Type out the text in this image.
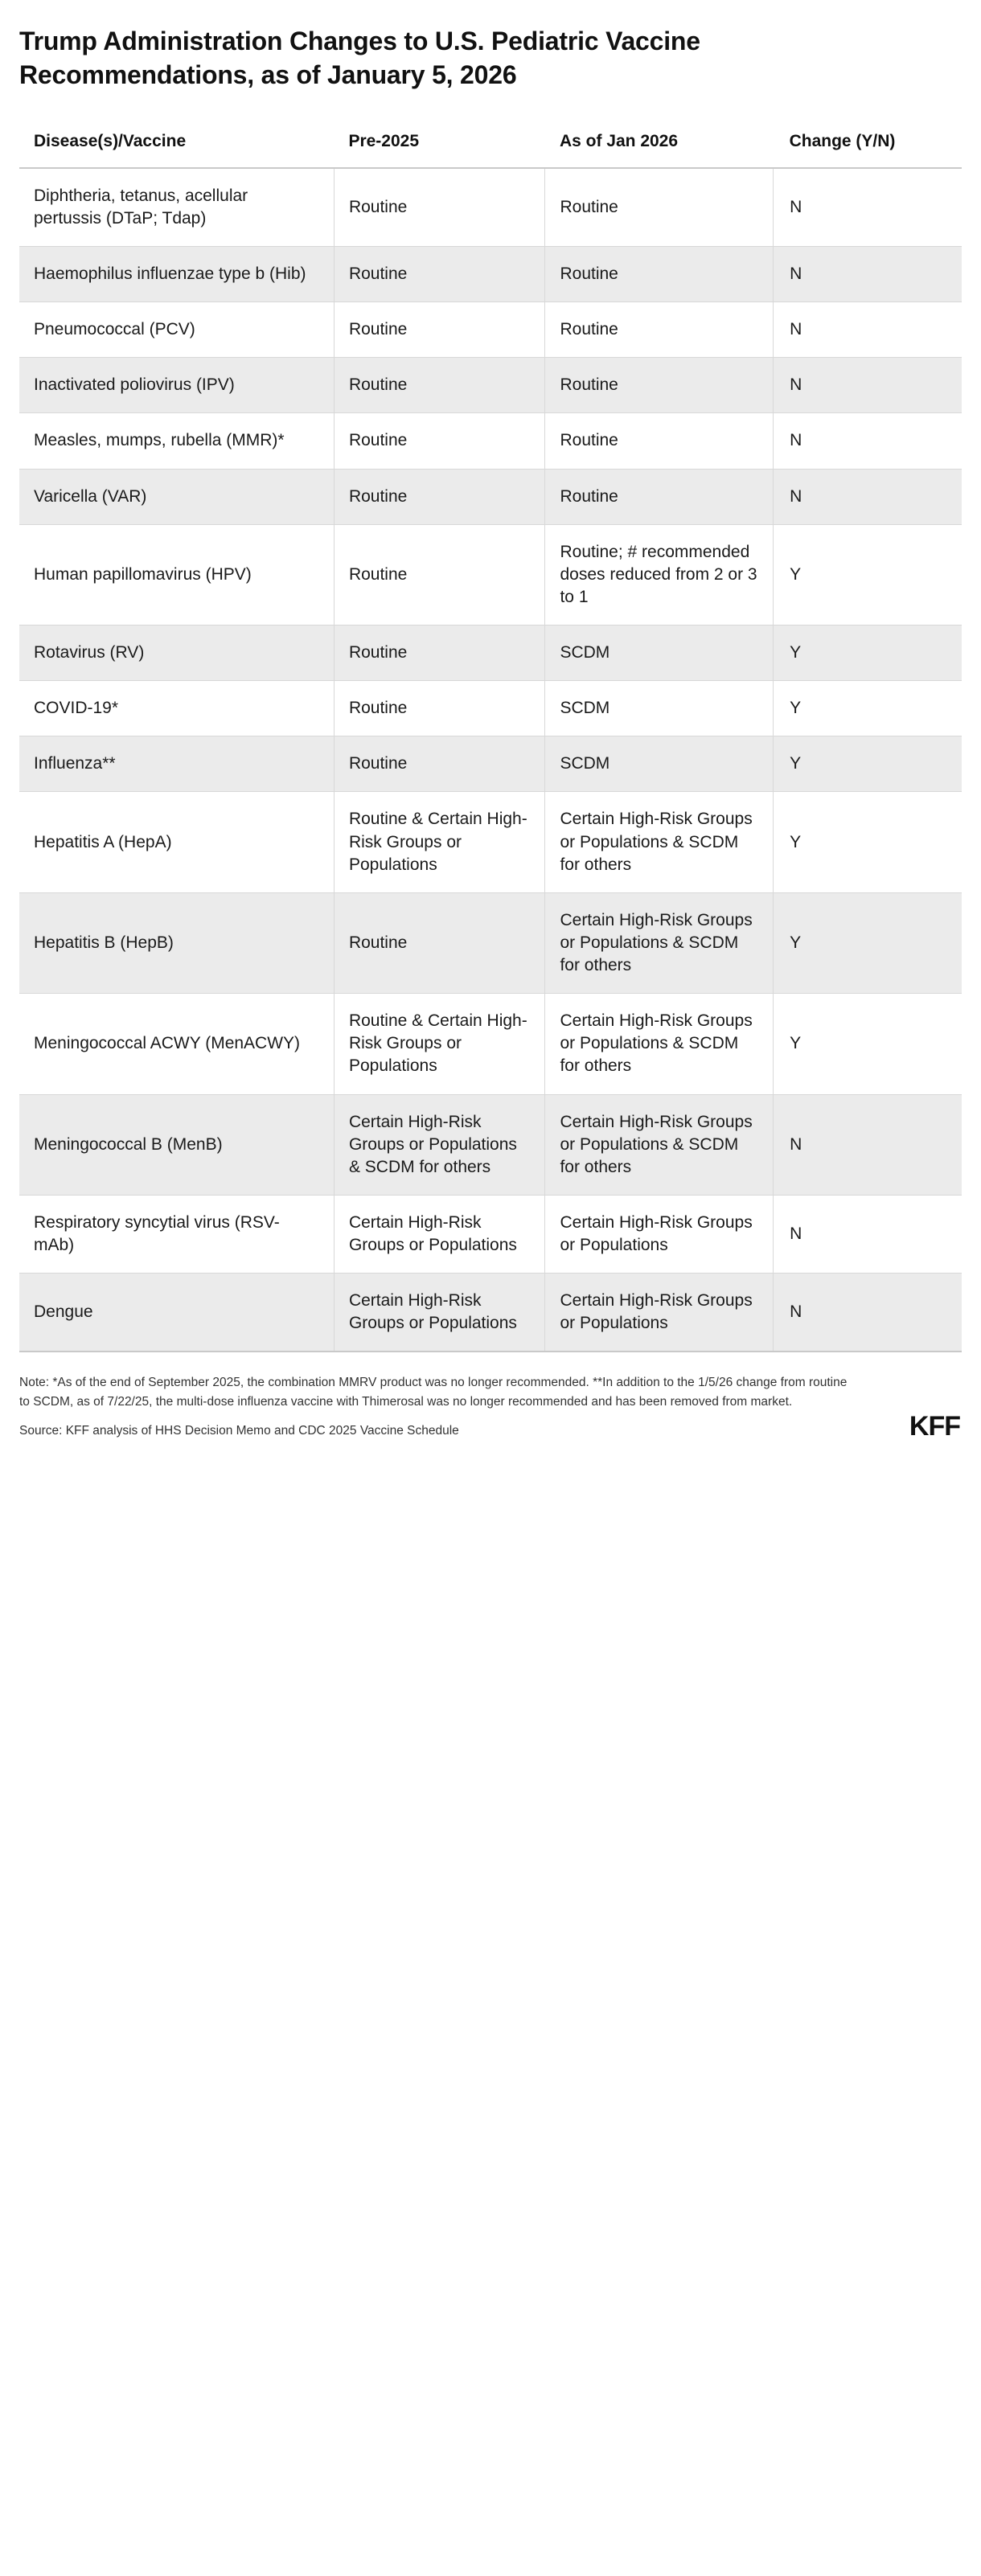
Trump Administration Changes to U.S. Pediatric Vaccine Recommendations, as of January 5, 2026
Disease(s)/Vaccine	Pre-2025	As of Jan 2026	Change (Y/N)
Diphtheria, tetanus, acellular pertussis (DTaP; Tdap)	Routine	Routine	N
Haemophilus influenzae type b (Hib)	Routine	Routine	N
Pneumococcal (PCV)	Routine	Routine	N
Inactivated poliovirus (IPV)	Routine	Routine	N
Measles, mumps, rubella (MMR)*	Routine	Routine	N
Varicella (VAR)	Routine	Routine	N
Human papillomavirus (HPV)	Routine	Routine; # recommended doses reduced from 2 or 3 to 1	Y
Rotavirus (RV)	Routine	SCDM	Y
COVID-19*	Routine	SCDM	Y
Influenza**	Routine	SCDM	Y
Hepatitis A (HepA)	Routine & Certain High-Risk Groups or Populations	Certain High-Risk Groups or Populations & SCDM for others	Y
Hepatitis B (HepB)	Routine	Certain High-Risk Groups or Populations & SCDM for others	Y
Meningococcal ACWY (MenACWY)	Routine & Certain High-Risk Groups or Populations	Certain High-Risk Groups or Populations & SCDM for others	Y
Meningococcal B (MenB)	Certain High-Risk Groups or Populations & SCDM for others	Certain High-Risk Groups or Populations & SCDM for others	N
Respiratory syncytial virus (RSV-mAb)	Certain High-Risk Groups or Populations	Certain High-Risk Groups or Populations	N
Dengue	Certain High-Risk Groups or Populations	Certain High-Risk Groups or Populations	N
Note: *As of the end of September 2025, the combination MMRV product was no longer recommended. **In addition to the 1/5/26 change from routine to SCDM, as of 7/22/25, the multi-dose influenza vaccine with Thimerosal was no longer recommended and has been removed from market.
Source: KFF analysis of HHS Decision Memo and CDC 2025 Vaccine Schedule	KFF
